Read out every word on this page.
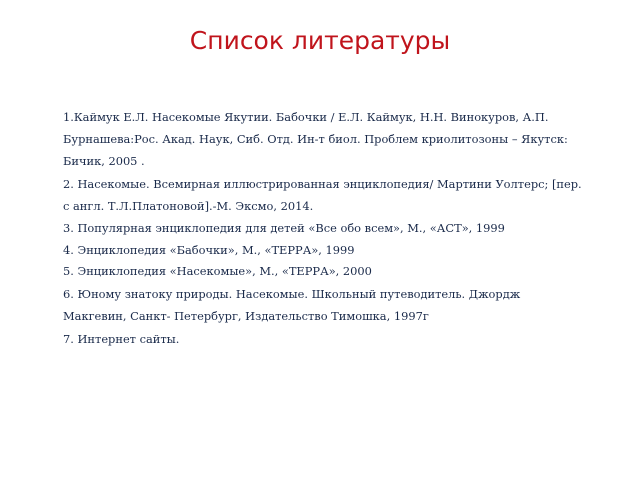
Список литературы
1.Каймук Е.Л. Насекомые Якутии. Бабочки / Е.Л. Каймук, Н.Н. Винокуров, А.П.
Бурнашева:Рос. Акад. Наук, Сиб. Отд. Ин-т биол. Проблем криолитозоны – Якутск:
Бичик, 2005 .
2. Насекомые. Всемирная иллюстрированная энциклопедия/ Мартини Уолтерс; [пер.
с англ. Т.Л.Платоновой].-М. Эксмо, 2014.
3. Популярная энциклопедия для детей «Все обо всем», М., «АСТ», 1999
4. Энциклопедия «Бабочки», М., «ТЕРРА», 1999
5. Энциклопедия «Насекомые», М., «ТЕРРА», 2000
6. Юному знатоку природы. Насекомые. Школьный путеводитель. Джордж
Макгевин, Санкт- Петербург, Издательство Тимошка, 1997г
7. Интернет сайты.
